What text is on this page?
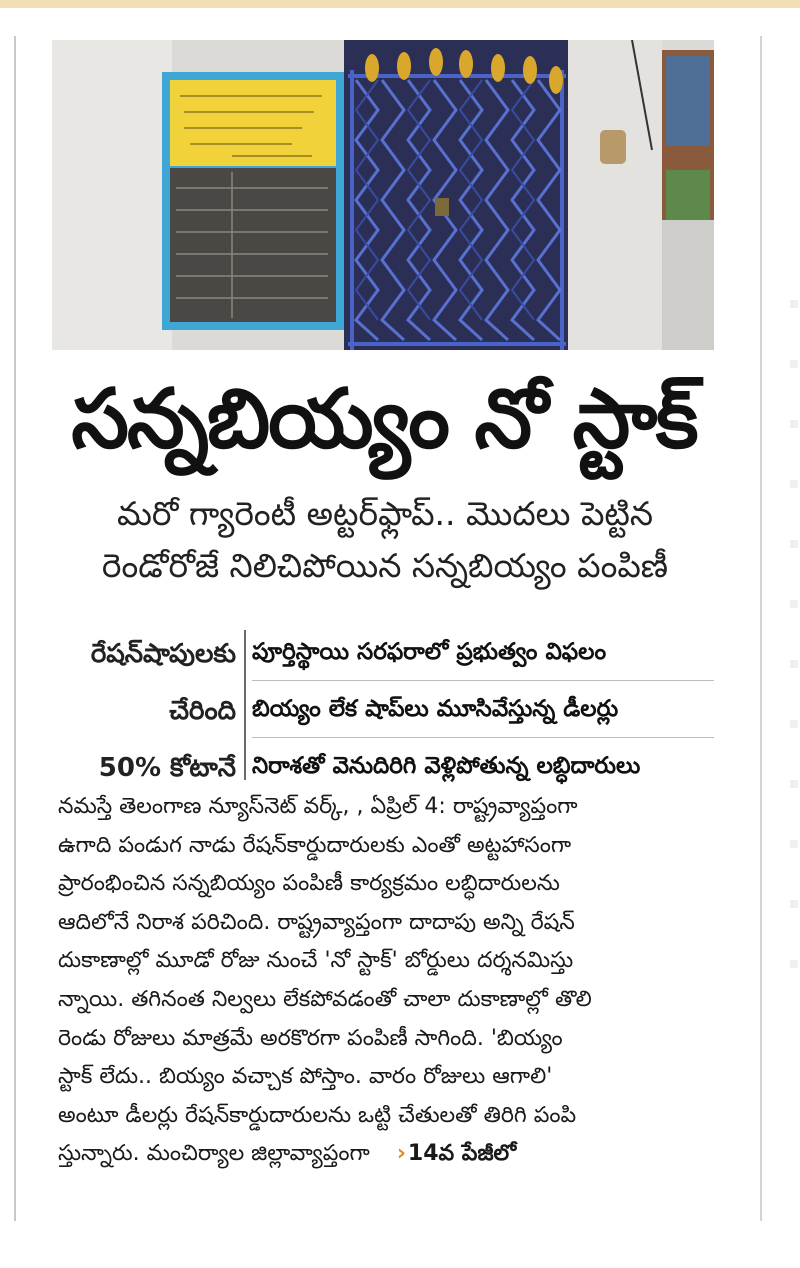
సన్నబియ్యం నో స్టాక్
మరో గ్యారెంటీ అట్టర్‌ఫ్లాప్.. మొదలు పెట్టిన
రెండోరోజే నిలిచిపోయిన సన్నబియ్యం పంపిణీ
రేషన్‌షాపులకు
చేరింది
50% కోటానే
పూర్తిస్థాయి సరఫరాలో ప్రభుత్వం విఫలం
బియ్యం లేక షాప్‌లు మూసివేస్తున్న డీలర్లు
నిరాశతో వెనుదిరిగి వెళ్లిపోతున్న లబ్ధిదారులు
నమస్తే తెలంగాణ న్యూస్‌నెట్ వర్క్, , ఏప్రిల్ 4: రాష్ట్రవ్యాప్తంగా
ఉగాది పండుగ నాడు రేషన్‌కార్డుదారులకు ఎంతో అట్టహాసంగా
ప్రారంభించిన సన్నబియ్యం పంపిణీ కార్యక్రమం లబ్ధిదారులను
ఆదిలోనే నిరాశ పరిచింది. రాష్ట్రవ్యాప్తంగా దాదాపు అన్ని రేషన్
దుకాణాల్లో మూడో రోజు నుంచే 'నో స్టాక్' బోర్డులు దర్శనమిస్తు
న్నాయి. తగినంత నిల్వలు లేకపోవడంతో చాలా దుకాణాల్లో తొలి
రెండు రోజులు మాత్రమే అరకొరగా పంపిణీ సాగింది. 'బియ్యం
స్టాక్ లేదు.. బియ్యం వచ్చాక పోస్తాం. వారం రోజులు ఆగాలి'
అంటూ డీలర్లు రేషన్‌కార్డుదారులను ఒట్టి చేతులతో తిరిగి పంపి
స్తున్నారు. మంచిర్యాల జిల్లావ్యాప్తంగా ›14వ పేజీలో
